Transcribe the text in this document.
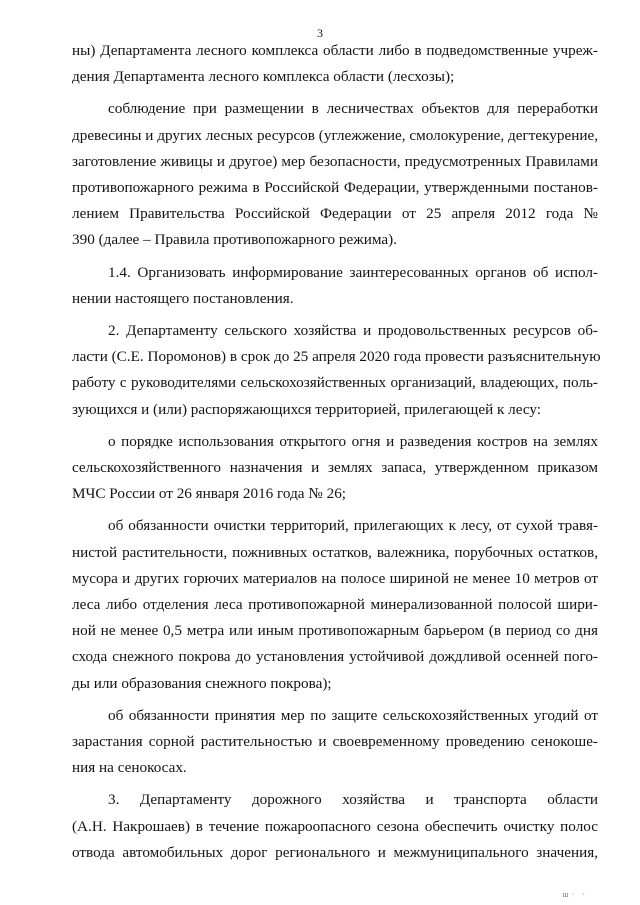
3

ны) Департамента лесного комплекса области либо в подведомственные учреж-
дения Департамента лесного комплекса области (лесхозы);

соблюдение при размещении в лесничествах объектов для переработки
древесины и других лесных ресурсов (углежжение, смолокурение, дегтекурение,
заготовление живицы и другое) мер безопасности, предусмотренных Правилами
противопожарного режима в Российской Федерации, утвержденными постанов-
лением Правительства Российской Федерации от 25 апреля 2012 года №
390 (далее – Правила противопожарного режима).

1.4. Организовать информирование заинтересованных органов об испол-
нении настоящего постановления.

2. Департаменту сельского хозяйства и продовольственных ресурсов об-
ласти (С.Е. Поромонов) в срок до 25 апреля 2020 года провести разъяснительную
работу с руководителями сельскохозяйственных организаций, владеющих, поль-
зующихся и (или) распоряжающихся территорией, прилегающей к лесу:

о порядке использования открытого огня и разведения костров на землях
сельскохозяйственного назначения и землях запаса, утвержденном приказом
МЧС России от 26 января 2016 года № 26;

об обязанности очистки территорий, прилегающих к лесу, от сухой травя-
нистой растительности, пожнивных остатков, валежника, порубочных остатков,
мусора и других горючих материалов на полосе шириной не менее 10 метров от
леса либо отделения леса противопожарной минерализованной полосой шири-
ной не менее 0,5 метра или иным противопожарным барьером (в период со дня
схода снежного покрова до установления устойчивой дождливой осенней пого-
ды или образования снежного покрова);

об обязанности принятия мер по защите сельскохозяйственных угодий от
зарастания сорной растительностью и своевременному проведению сенокоше-
ния на сенокосах.

3. Департаменту дорожного хозяйства и транспорта области
(А.Н. Накрошаев) в течение пожароопасного сезона обеспечить очистку полос
отвода автомобильных дорог регионального и межмуниципального значения,

ш· ·
